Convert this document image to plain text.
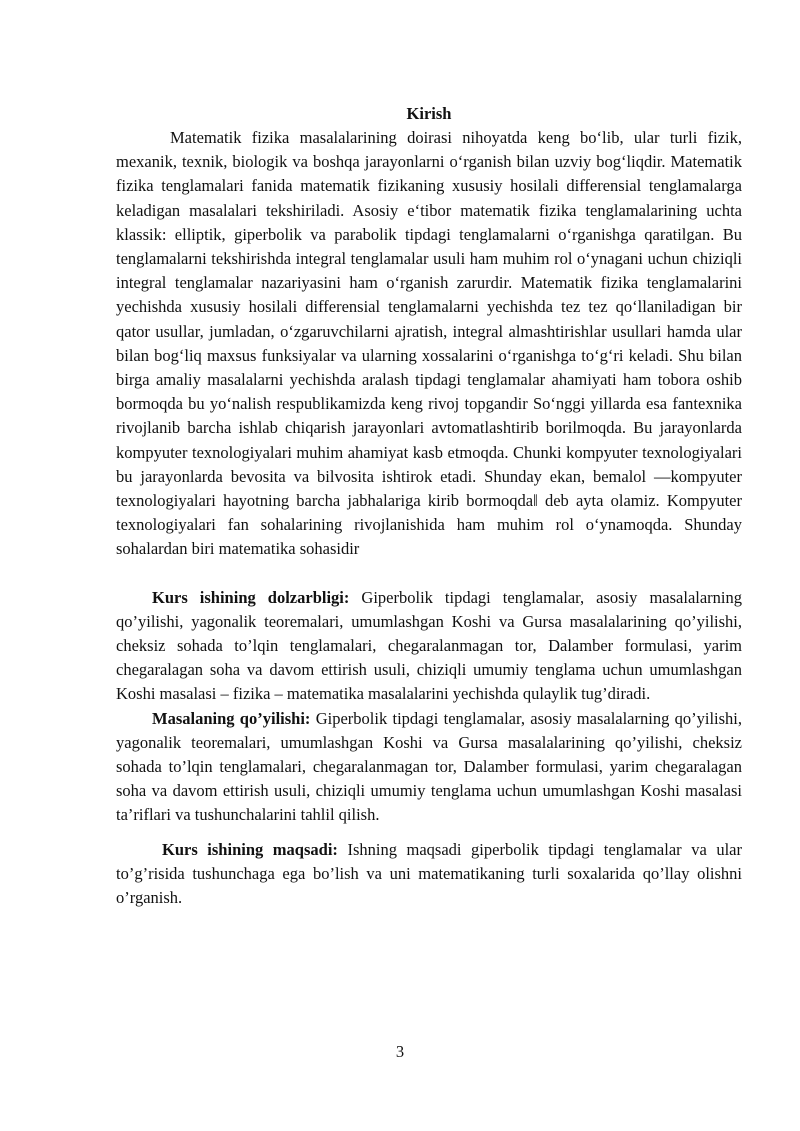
Kirish

Matematik fizika masalalarining doirasi nihoyatda keng bo‘lib, ular turli fizik, mexanik, texnik, biologik va boshqa jarayonlarni o‘rganish bilan uzviy bog‘liqdir. Matematik fizika tenglamalari fanida matematik fizikaning xususiy hosilali differensial tenglamalarga keladigan masalalari tekshiriladi. Asosiy e‘tibor matematik fizika tenglamalarining uchta klassik: elliptik, giperbolik va parabolik tipdagi tenglamalarni o‘rganishga qaratilgan. Bu tenglamalarni tekshirishda integral tenglamalar usuli ham muhim rol o‘ynagani uchun chiziqli integral tenglamalar nazariyasini ham o‘rganish zarurdir. Matematik fizika tenglamalarini yechishda xususiy hosilali differensial tenglamalarni yechishda tez tez qo‘llaniladigan bir qator usullar, jumladan, o‘zgaruvchilarni ajratish, integral almashtirishlar usullari hamda ular bilan bog‘liq maxsus funksiyalar va ularning xossalarini o‘rganishga to‘g‘ri keladi. Shu bilan birga amaliy masalalarni yechishda aralash tipdagi tenglamalar ahamiyati ham tobora oshib bormoqda bu yo‘nalish respublikamizda keng rivoj topgandir So‘nggi yillarda esa fantexnika rivojlanib barcha ishlab chiqarish jarayonlari avtomatlashtirib borilmoqda. Bu jarayonlarda kompyuter texnologiyalari muhim ahamiyat kasb etmoqda. Chunki kompyuter texnologiyalari bu jarayonlarda bevosita va bilvosita ishtirok etadi. Shunday ekan, bemalol ―kompyuter texnologiyalari hayotning barcha jabhalariga kirib bormoqda‖ deb ayta olamiz. Kompyuter texnologiyalari fan sohalarining rivojlanishida ham muhim rol o‘ynamoqda. Shunday sohalardan biri matematika sohasidir

Kurs ishining dolzarbligi: Giperbolik tipdagi tenglamalar, asosiy masalalarning qo’yilishi, yagonalik teoremalari, umumlashgan Koshi va Gursa masalalarining qo’yilishi, cheksiz sohada to’lqin tenglamalari, chegaralanmagan tor, Dalamber formulasi, yarim chegaralagan soha va davom ettirish usuli, chiziqli umumiy tenglama uchun umumlashgan Koshi masalasi – fizika – matematika masalalarini yechishda qulaylik tug’diradi.

Masalaning qo’yilishi: Giperbolik tipdagi tenglamalar, asosiy masalalarning qo’yilishi, yagonalik teoremalari, umumlashgan Koshi va Gursa masalalarining qo’yilishi, cheksiz sohada to’lqin tenglamalari, chegaralanmagan tor, Dalamber formulasi, yarim chegaralagan soha va davom ettirish usuli, chiziqli umumiy tenglama uchun umumlashgan Koshi masalasi ta’riflari va tushunchalarini tahlil qilish.

Kurs ishining maqsadi: Ishning maqsadi giperbolik tipdagi tenglamalar va ular to’g’risida tushunchaga ega bo’lish va uni matematikaning turli soxalarida qo’llay olishni o’rganish.

3
